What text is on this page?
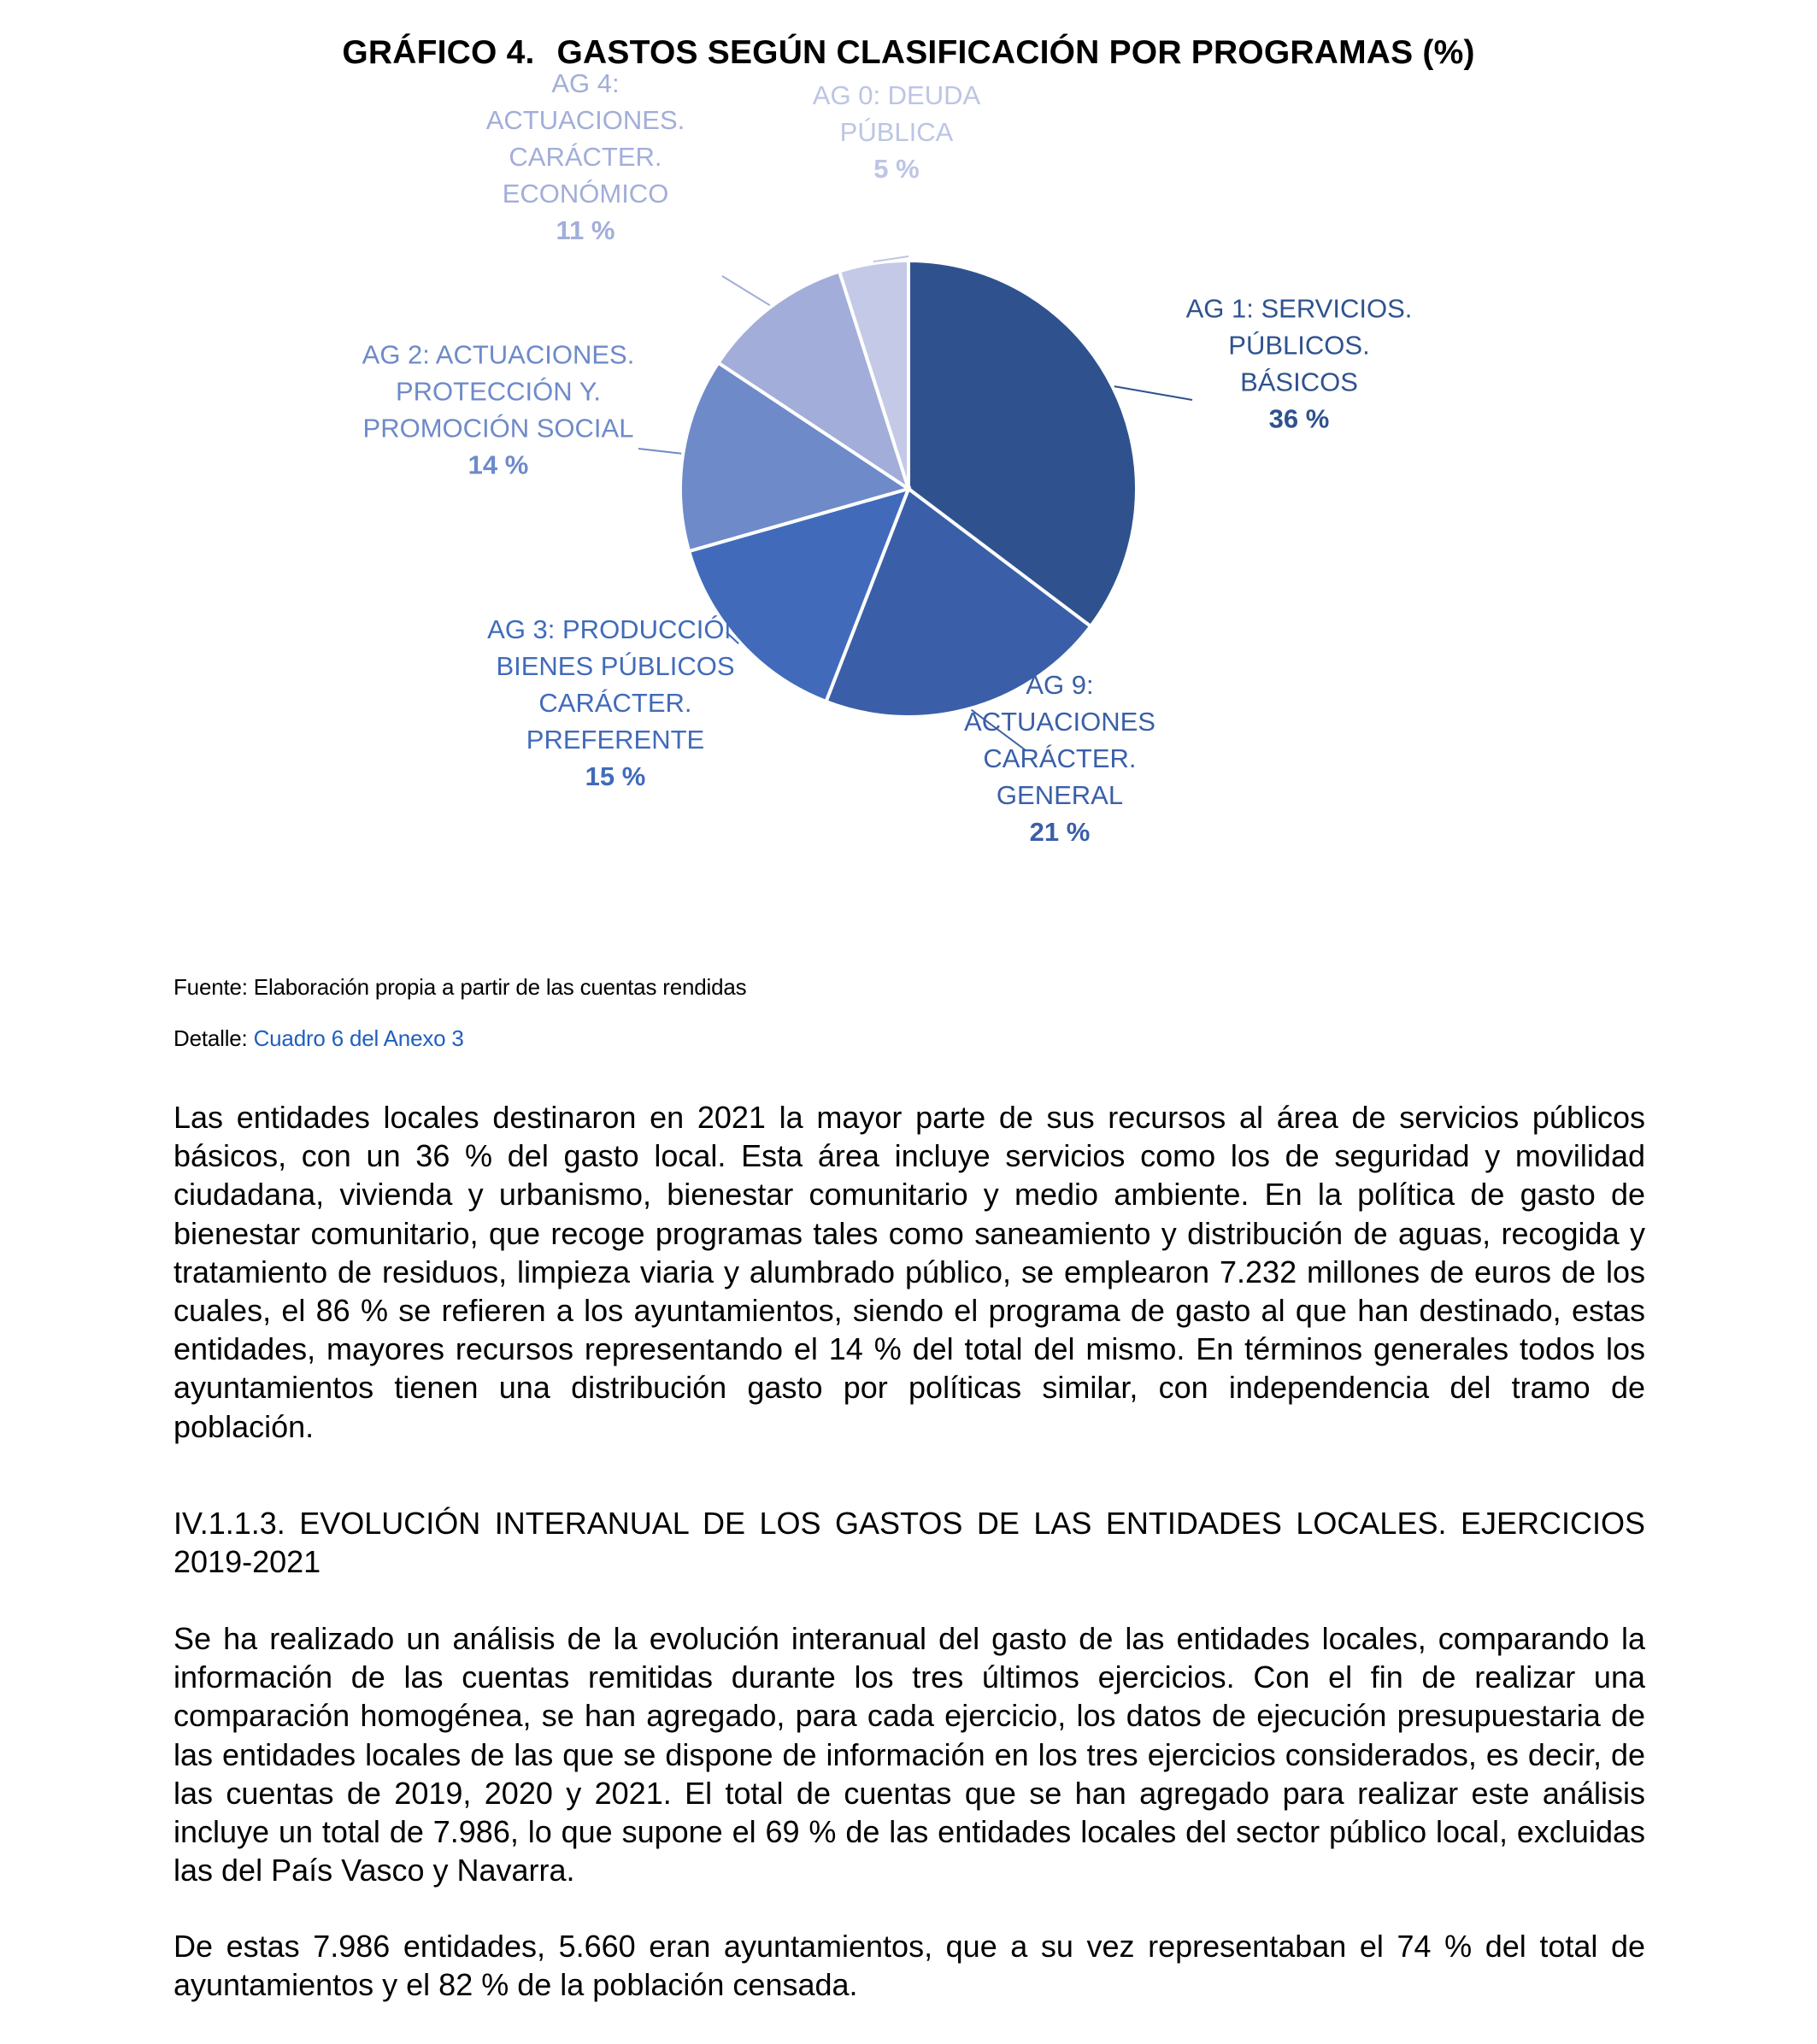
GRÁFICO 4. GASTOS SEGÚN CLASIFICACIÓN POR PROGRAMAS (%)
AG 1: SERVICIOS. PÚBLICOS. BÁSICOS 36 %
AG 9: ACTUACIONES CARÁCTER. GENERAL 21 %
AG 3: PRODUCCIÓN BIENES PÚBLICOS CARÁCTER. PREFERENTE 15 %
AG 2: ACTUACIONES. PROTECCIÓN Y. PROMOCIÓN SOCIAL 14 %
AG 4: ACTUACIONES. CARÁCTER. ECONÓMICO 11 %
AG 0: DEUDA PÚBLICA 5 %
Fuente: Elaboración propia a partir de las cuentas rendidas
Detalle: Cuadro 6 del Anexo 3
Las entidades locales destinaron en 2021 la mayor parte de sus recursos al área de servicios públicos básicos, con un 36 % del gasto local. Esta área incluye servicios como los de seguridad y movilidad ciudadana, vivienda y urbanismo, bienestar comunitario y medio ambiente. En la política de gasto de bienestar comunitario, que recoge programas tales como saneamiento y distribución de aguas, recogida y tratamiento de residuos, limpieza viaria y alumbrado público, se emplearon 7.232 millones de euros de los cuales, el 86 % se refieren a los ayuntamientos, siendo el programa de gasto al que han destinado, estas entidades, mayores recursos representando el 14 % del total del mismo. En términos generales todos los ayuntamientos tienen una distribución gasto por políticas similar, con independencia del tramo de población.
IV.1.1.3. EVOLUCIÓN INTERANUAL DE LOS GASTOS DE LAS ENTIDADES LOCALES. EJERCICIOS 2019-2021
Se ha realizado un análisis de la evolución interanual del gasto de las entidades locales, comparando la información de las cuentas remitidas durante los tres últimos ejercicios. Con el fin de realizar una comparación homogénea, se han agregado, para cada ejercicio, los datos de ejecución presupuestaria de las entidades locales de las que se dispone de información en los tres ejercicios considerados, es decir, de las cuentas de 2019, 2020 y 2021. El total de cuentas que se han agregado para realizar este análisis incluye un total de 7.986, lo que supone el 69 % de las entidades locales del sector público local, excluidas las del País Vasco y Navarra.
De estas 7.986 entidades, 5.660 eran ayuntamientos, que a su vez representaban el 74 % del total de ayuntamientos y el 82 % de la población censada.
